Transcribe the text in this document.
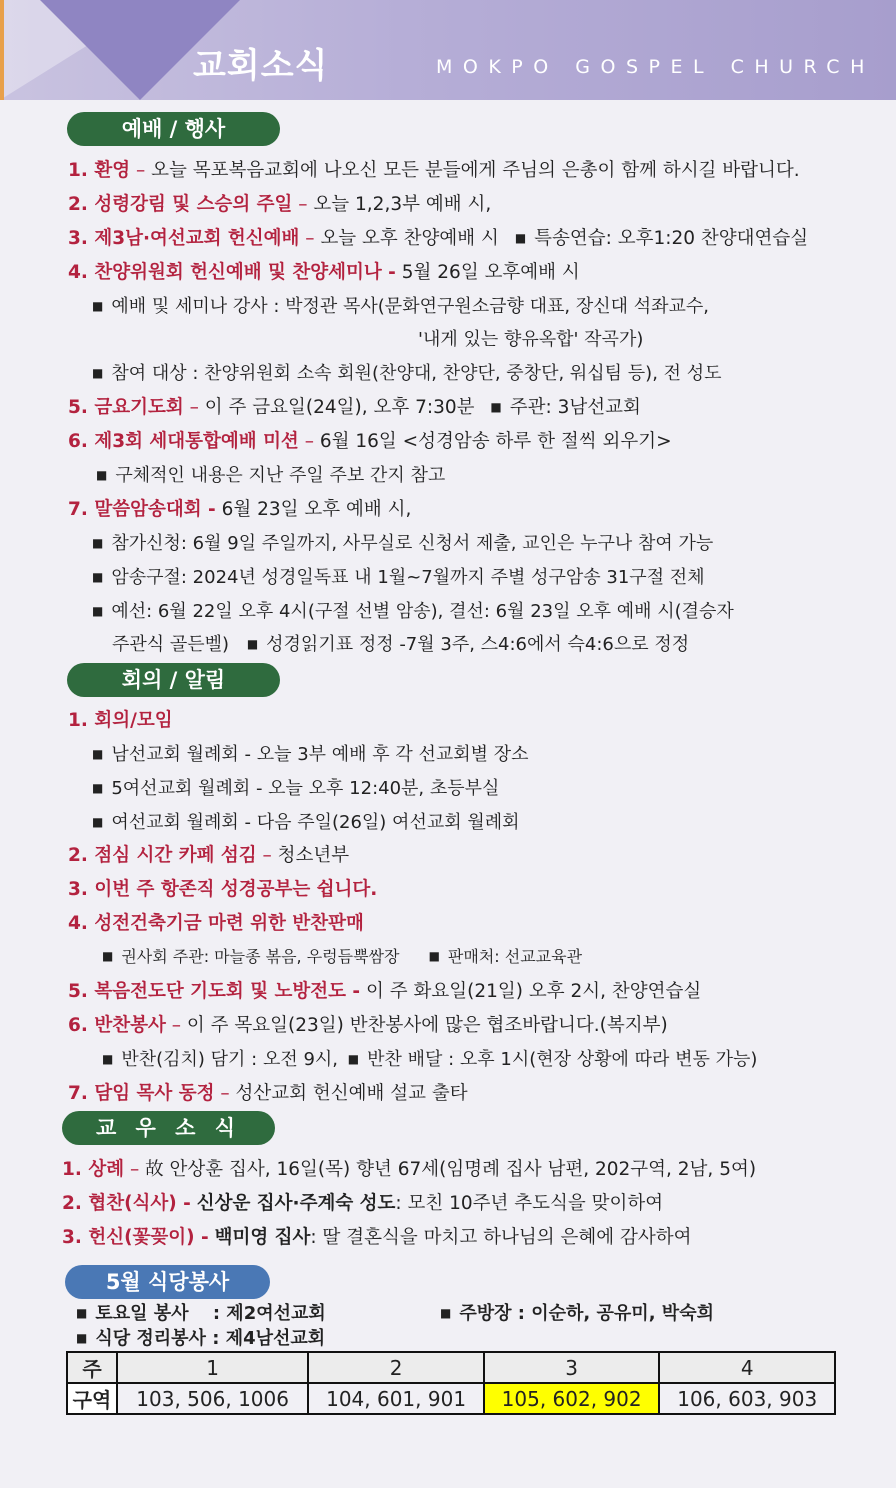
교회소식	MOKPO GOSPEL CHURCH
예배 / 행사
1. 환영 – 오늘 목포복음교회에 나오신 모든 분들에게 주님의 은총이 함께 하시길 바랍니다.
2. 성령강림 및 스승의 주일 – 오늘 1,2,3부 예배 시,
3. 제3남·여선교회 헌신예배 – 오늘 오후 찬양예배 시 ■ 특송연습: 오후1:20 찬양대연습실
4. 찬양위원회 헌신예배 및 찬양세미나 - 5월 26일 오후예배 시
■ 예배 및 세미나 강사 : 박정관 목사(문화연구원소금향 대표, 장신대 석좌교수,
'내게 있는 향유옥합' 작곡가)
■ 참여 대상 : 찬양위원회 소속 회원(찬양대, 찬양단, 중창단, 워십팀 등), 전 성도
5. 금요기도회 – 이 주 금요일(24일), 오후 7:30분 ■ 주관: 3남선교회
6. 제3회 세대통합예배 미션 – 6월 16일 <성경암송 하루 한 절씩 외우기>
■ 구체적인 내용은 지난 주일 주보 간지 참고
7. 말씀암송대회 - 6월 23일 오후 예배 시,
■ 참가신청: 6월 9일 주일까지, 사무실로 신청서 제출, 교인은 누구나 참여 가능
■ 암송구절: 2024년 성경일독표 내 1월~7월까지 주별 성구암송 31구절 전체
■ 예선: 6월 22일 오후 4시(구절 선별 암송), 결선: 6월 23일 오후 예배 시(결승자
주관식 골든벨) ■ 성경읽기표 정정 -7월 3주, 스4:6에서 슥4:6으로 정정
회의 / 알림
1. 회의/모임
■ 남선교회 월례회 - 오늘 3부 예배 후 각 선교회별 장소
■ 5여선교회 월례회 - 오늘 오후 12:40분, 초등부실
■ 여선교회 월례회 - 다음 주일(26일) 여선교회 월례회
2. 점심 시간 카페 섬김 – 청소년부
3. 이번 주 항존직 성경공부는 쉽니다.
4. 성전건축기금 마련 위한 반찬판매
■ 권사회 주관: 마늘종 볶음, 우렁듬뿍쌈장 ■ 판매처: 선교교육관
5. 복음전도단 기도회 및 노방전도 - 이 주 화요일(21일) 오후 2시, 찬양연습실
6. 반찬봉사 – 이 주 목요일(23일) 반찬봉사에 많은 협조바랍니다.(복지부)
■ 반찬(김치) 담기 : 오전 9시, ■ 반찬 배달 : 오후 1시(현장 상황에 따라 변동 가능)
7. 담임 목사 동정 – 성산교회 헌신예배 설교 출타
교 우 소 식
1. 상례 – 故 안상훈 집사, 16일(목) 향년 67세(임명례 집사 남편, 202구역, 2남, 5여)
2. 협찬(식사) - 신상운 집사·주계숙 성도: 모친 10주년 추도식을 맞이하여
3. 헌신(꽃꽂이) - 백미영 집사: 딸 결혼식을 마치고 하나님의 은혜에 감사하여
5월 식당봉사
■ 토요일 봉사 : 제2여선교회	■ 주방장 : 이순하, 공유미, 박숙희
■ 식당 정리봉사 : 제4남선교회
주	1	2	3	4
구역	103, 506, 1006	104, 601, 901	105, 602, 902	106, 603, 903
